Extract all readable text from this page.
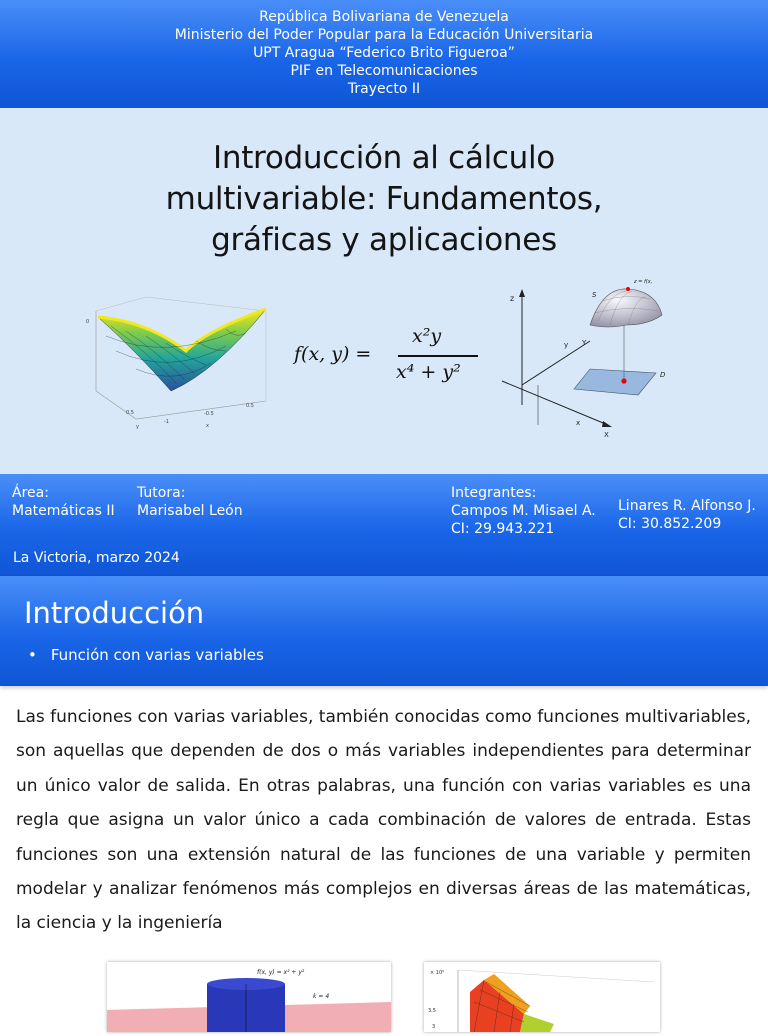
República Bolivariana de Venezuela
Ministerio del Poder Popular para la Educación Universitaria
UPT Aragua “Federico Brito Figueroa”
PIF en Telecomunicaciones
Trayecto II
Introducción al cálculo
multivariable: Fundamentos,
gráficas y aplicaciones
0
0.5
-1
-0.5
0.5
x
y
f(x, y) =
x²y
x⁴ + y²
z
y Y
x
X
S
D
z = f(x,
Área:
Matemáticas II
Tutora:
Marisabel León
Integrantes:
Campos M. Misael A.
CI: 29.943.221
Linares R. Alfonso J.
CI: 30.852.209
La Victoria, marzo 2024
Introducción
• Función con varias variables

Las funciones con varias variables, también conocidas como funciones multivariables, son aquellas que dependen de dos o más variables independientes para determinar un único valor de salida. En otras palabras, una función con varias variables es una regla que asigna un valor único a cada combinación de valores de entrada. Estas funciones son una extensión natural de las funciones de una variable y permiten modelar y analizar fenómenos más complejos en diversas áreas de las matemáticas, la ciencia y la ingeniería

f(x, y) = x² + y²
k = 4
× 10⁵
3.5
3
